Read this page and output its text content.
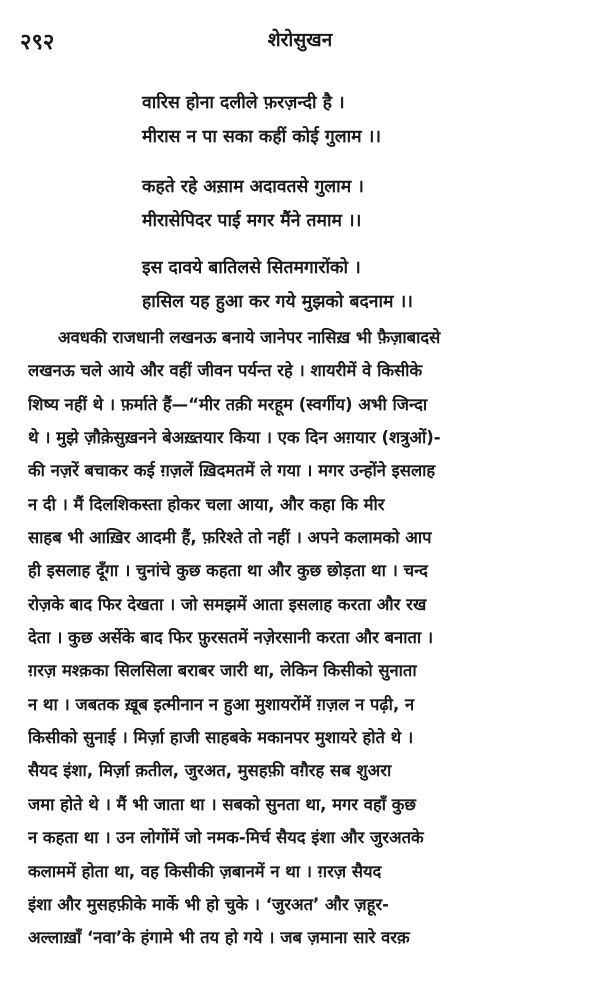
२९२	शेरोसुखन
वारिस होना दलीले फ़रज़न्दी है ।
मीरास न पा सका कहीं कोई गुलाम ।।
कहते रहे अस़ाम अदावतसे गुलाम ।
मीरासेपिदर पाई मगर मैंने तमाम ।।
इस दावये बातिलसे सितमगारोंको ।
हासिल यह हुआ कर गये मुझको बदनाम ।।
अवधकी राजधानी लखनऊ बनाये जानेपर नासिख़ भी फ़ैज़ाबादसे
लखनऊ चले आये और वहीं जीवन पर्यन्त रहे । शायरीमें वे किसीके
शिष्य नहीं थे । फ़र्माते हैं—“मीर तक़ी मरहूम (स्वर्गीय) अभी जिन्दा
थे । मुझे ज़ौक़ेसुख़नने बेअख़्तयार किया । एक दिन अग़यार (शत्रुओं)-
की नज़रें बचाकर कई ग़ज़लें ख़िदमतमें ले गया । मगर उन्होंने इसलाह
न दी । मैं दिलशिकस्ता होकर चला आया, और कहा कि मीर
साहब भी आख़िर आदमी हैं, फ़रिश्ते तो नहीं । अपने कलामको आप
ही इसलाह दूँगा । चुनांचे कुछ कहता था और कुछ छोड़ता था । चन्द
रोज़के बाद फिर देखता । जो समझमें आता इसलाह करता और रख
देता । कुछ अर्सेके बाद फिर फ़ुरसतमें नज़ेरसानी करता और बनाता ।
ग़रज़ मश्क़का सिलसिला बराबर जारी था, लेकिन किसीको सुनाता
न था । जबतक ख़ूब इत्मीनान न हुआ मुशायरोंमें ग़ज़ल न पढ़ी, न
किसीको सुनाई । मिर्ज़ा हाजी साहबके मकानपर मुशायरे होते थे ।
सैयद इंशा, मिर्ज़ा क़तील, जुरअत, मुसहफ़ी वग़ैरह सब शुअरा
जमा होते थे । मैं भी जाता था । सबको सुनता था, मगर वहाँ कुछ
न कहता था । उन लोगोंमें जो नमक-मिर्च सैयद इंशा और जुरअतके
कलाममें होता था, वह किसीकी ज़बानमें न था । ग़रज़ सैयद
इंशा और मुसहफ़ीके मार्के भी हो चुके । ‘जुरअत’ और ज़हूर-
अल्लाख़ाँ ‘नवा’के हंगामे भी तय हो गये । जब ज़माना सारे वरक़
